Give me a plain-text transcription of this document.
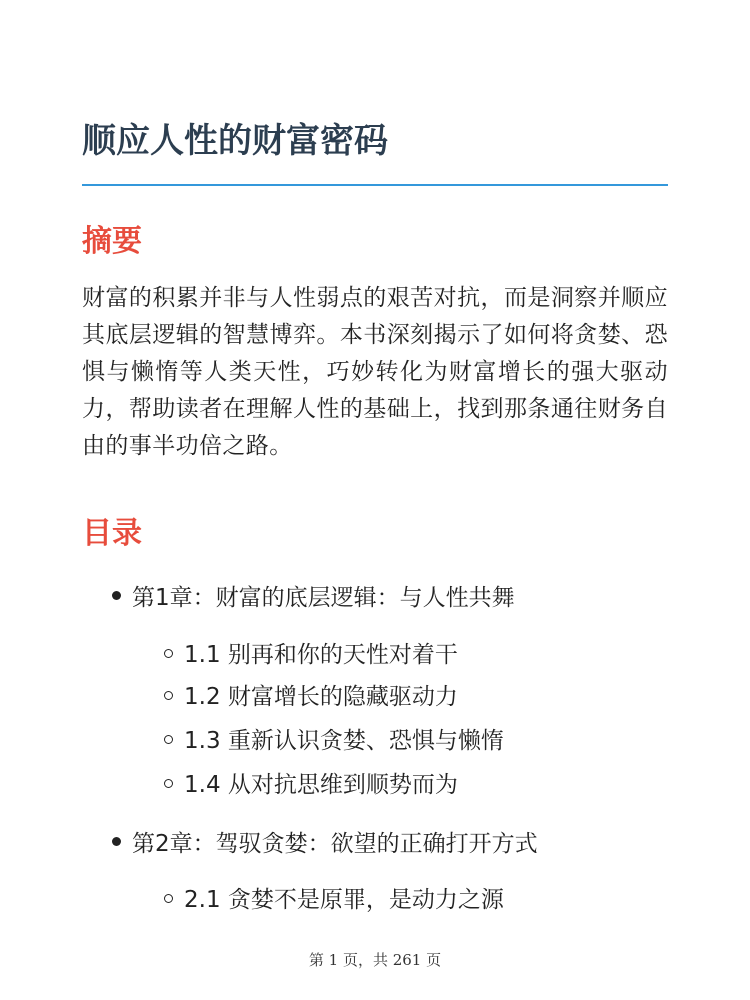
顺应人性的财富密码
摘要

财富的积累并非与人性弱点的艰苦对抗，而是洞察并顺应其底层逻辑的智慧博弈。本书深刻揭示了如何将贪婪、恐惧与懒惰等人类天性，巧妙转化为财富增长的强大驱动力，帮助读者在理解人性的基础上，找到那条通往财务自由的事半功倍之路。

目录
第1章：财富的底层逻辑：与人性共舞
1.1 别再和你的天性对着干
1.2 财富增长的隐藏驱动力
1.3 重新认识贪婪、恐惧与懒惰
1.4 从对抗思维到顺势而为
第2章：驾驭贪婪：欲望的正确打开方式
2.1 贪婪不是原罪，是动力之源
第 1 页，共 261 页
